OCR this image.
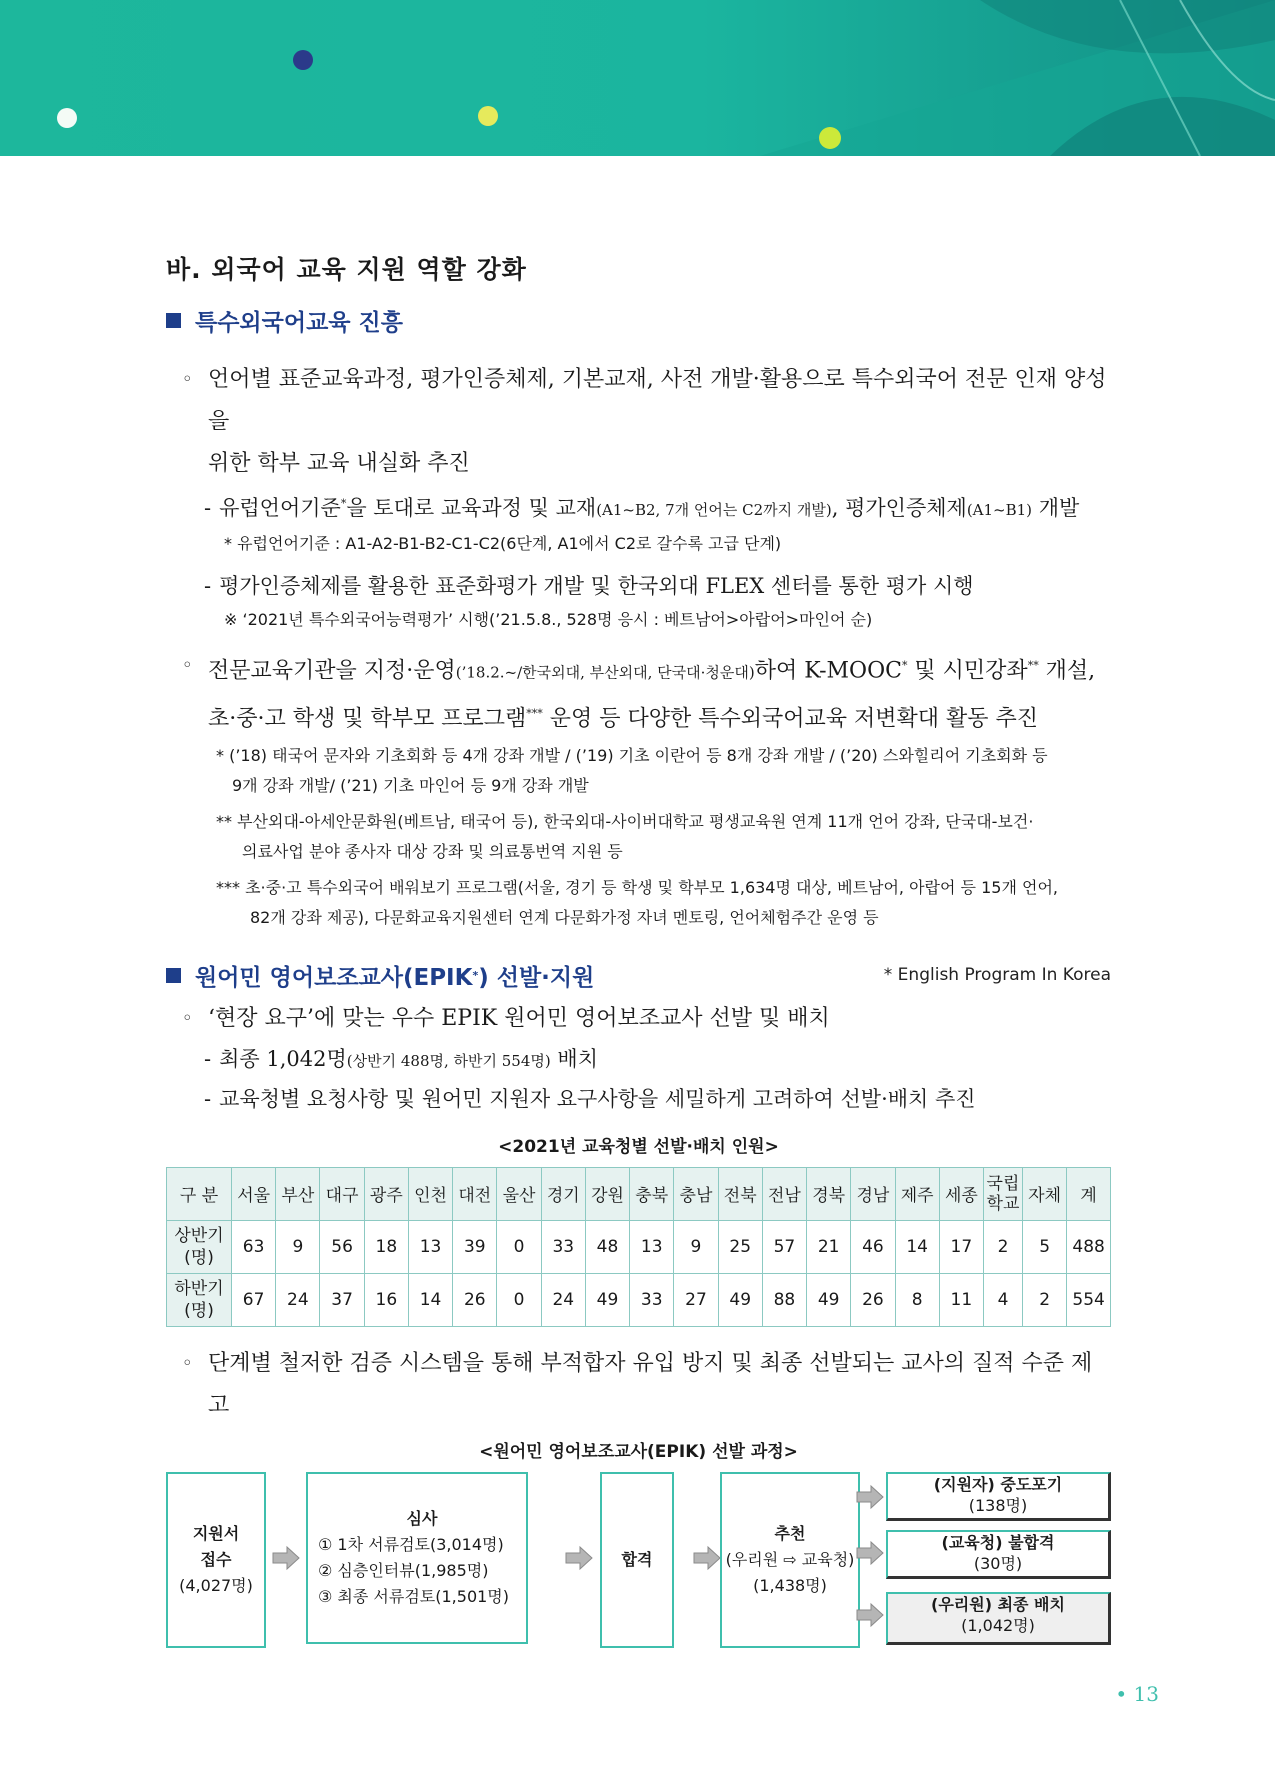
바. 외국어 교육 지원 역할 강화
특수외국어교육 진흥
◦ 언어별 표준교육과정, 평가인증체제, 기본교재, 사전 개발·활용으로 특수외국어 전문 인재 양성을
위한 학부 교육 내실화 추진
- 유럽언어기준*을 토대로 교육과정 및 교재(A1~B2, 7개 언어는 C2까지 개발), 평가인증체제(A1~B1) 개발
* 유럽언어기준 : A1-A2-B1-B2-C1-C2(6단계, A1에서 C2로 갈수록 고급 단계)
- 평가인증체제를 활용한 표준화평가 개발 및 한국외대 FLEX 센터를 통한 평가 시행
※ ‘2021년 특수외국어능력평가’ 시행(’21.5.8., 528명 응시 : 베트남어>아랍어>마인어 순)
◦ 전문교육기관을 지정·운영(’18.2.~/한국외대, 부산외대, 단국대·청운대)하여 K-MOOC* 및 시민강좌** 개설,
초·중·고 학생 및 학부모 프로그램*** 운영 등 다양한 특수외국어교육 저변확대 활동 추진
* (’18) 태국어 문자와 기초회화 등 4개 강좌 개발 / (’19) 기초 이란어 등 8개 강좌 개발 / (’20) 스와힐리어 기초회화 등
9개 강좌 개발/ (’21) 기초 마인어 등 9개 강좌 개발
** 부산외대-아세안문화원(베트남, 태국어 등), 한국외대-사이버대학교 평생교육원 연계 11개 언어 강좌, 단국대-보건·
의료사업 분야 종사자 대상 강좌 및 의료통번역 지원 등
*** 초·중·고 특수외국어 배워보기 프로그램(서울, 경기 등 학생 및 학부모 1,634명 대상, 베트남어, 아랍어 등 15개 언어,
82개 강좌 제공), 다문화교육지원센터 연계 다문화가정 자녀 멘토링, 언어체험주간 운영 등
원어민 영어보조교사(EPIK * ) 선발·지원	* English Program In Korea
◦ ‘현장 요구’에 맞는 우수 EPIK 원어민 영어보조교사 선발 및 배치
- 최종 1,042명(상반기 488명, 하반기 554명) 배치
- 교육청별 요청사항 및 원어민 지원자 요구사항을 세밀하게 고려하여 선발·배치 추진
<2021년 교육청별 선발·배치 인원>
구 분	서울	부산	대구	광주	인천	대전	울산	경기	강원	충북	충남	전북	전남	경북	경남	제주	세종	국립학교	자체	계
상반기(명)	63	9	56	18	13	39	0	33	48	13	9	25	57	21	46	14	17	2	5	488
하반기(명)	67	24	37	16	14	26	0	24	49	33	27	49	88	49	26	8	11	4	2	554
◦ 단계별 철저한 검증 시스템을 통해 부적합자 유입 방지 및 최종 선발되는 교사의 질적 수준 제고
<원어민 영어보조교사(EPIK) 선발 과정>
지원서
접수
(4,027명)
심사
① 1차 서류검토(3,014명)
② 심층인터뷰(1,985명)
③ 최종 서류검토(1,501명)
합격
추천
(우리원 ⇨ 교육청)
(1,438명)
(지원자) 중도포기
(138명)
(교육청) 불합격
(30명)
(우리원) 최종 배치
(1,042명)
• 13
